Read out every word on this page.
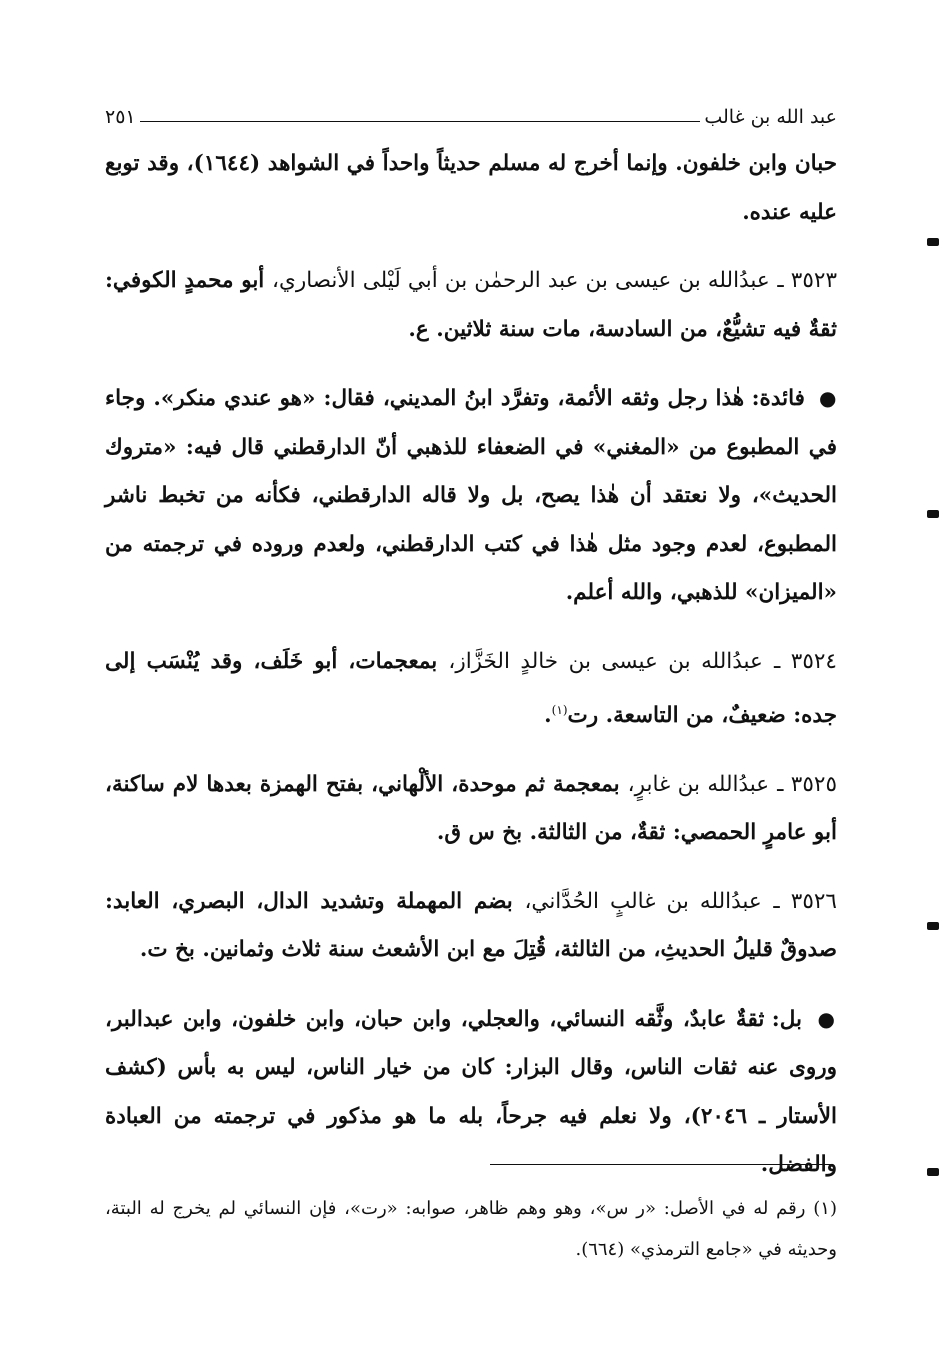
عبد الله بن غالب
٢٥١

حبان وابن خلفون. وإنما أخرج له مسلم حديثاً واحداً في الشواهد (١٦٤٤)، وقد توبع عليه عنده.

٣٥٢٣ ـ عبدُالله بن عيسى بن عبد الرحمٰن بن أبي لَيْلى الأنصاري، أبو محمدٍ الكوفي: ثقةٌ فيه تشيُّعٌ، من السادسة، مات سنة ثلاثين. ع.

● فائدة: هٰذا رجل وثقه الأئمة، وتفرَّد ابنُ المديني، فقال: «هو عندي منكر». وجاء في المطبوع من «المغني» في الضعفاء للذهبي أنّ الدارقطني قال فيه: «متروك الحديث»، ولا نعتقد أن هٰذا يصح، بل ولا قاله الدارقطني، فكأنه من تخبط ناشر المطبوع، لعدم وجود مثل هٰذا في كتب الدارقطني، ولعدم وروده في ترجمته من «الميزان» للذهبي، والله أعلم.

٣٥٢٤ ـ عبدُالله بن عيسى بن خالدٍ الخَزَّاز، بمعجمات، أبو خَلَف، وقد يُنْسَب إلى جده: ضعيفٌ، من التاسعة. رت$^{(١)}$.

٣٥٢٥ ـ عبدُالله بن غابرٍ، بمعجمة ثم موحدة، الألْهاني، بفتح الهمزة بعدها لام ساكنة، أبو عامرٍ الحمصي: ثقةٌ، من الثالثة. بخ س ق.

٣٥٢٦ ـ عبدُالله بن غالبٍ الحُدَّاني، بضم المهملة وتشديد الدال، البصري، العابد: صدوقٌ قليلُ الحديثِ، من الثالثة، قُتِلَ مع ابن الأشعث سنة ثلاث وثمانين. بخ ت.

● بل: ثقةٌ عابدٌ، وثَّقه النسائي، والعجلي، وابن حبان، وابن خلفون، وابن عبدالبر، وروى عنه ثقات الناس، وقال البزار: كان من خيار الناس، ليس به بأس (كشف الأستار ـ ٢٠٤٦)، ولا نعلم فيه جرحاً، بله ما هو مذكور في ترجمته من العبادة والفضل.

(١) رقم له في الأصل: «ر س»، وهو وهم ظاهر، صوابه: «رت»، فإن النسائي لم يخرج له البتة، وحديثه في «جامع الترمذي» (٦٦٤).
